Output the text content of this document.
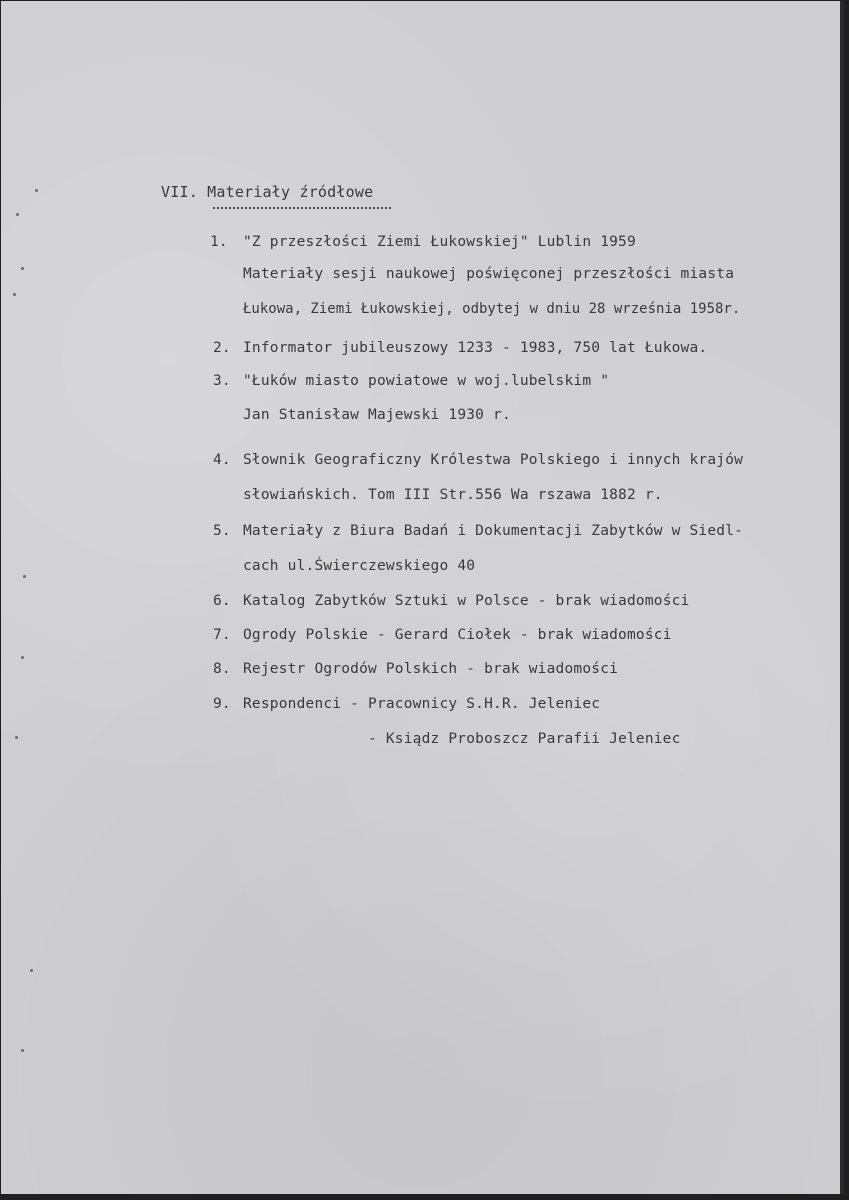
VII. Materiały źródłowe
1. "Z przeszłości Ziemi Łukowskiej" Lublin 1959
Materiały sesji naukowej poświęconej przeszłości miasta
Łukowa, Ziemi Łukowskiej, odbytej w dniu 28 września 1958r.
2. Informator jubileuszowy 1233 - 1983, 750 lat Łukowa.
3. "Łuków miasto powiatowe w woj.lubelskim "
Jan Stanisław Majewski 1930 r.
4. Słownik Geograficzny Królestwa Polskiego i innych krajów
słowiańskich. Tom III Str.556 Wa rszawa 1882 r.
5. Materiały z Biura Badań i Dokumentacji Zabytków w Siedl-
cach ul.Świerczewskiego 40
6. Katalog Zabytków Sztuki w Polsce - brak wiadomości
7. Ogrody Polskie - Gerard Ciołek - brak wiadomości
8. Rejestr Ogrodów Polskich - brak wiadomości
9. Respondenci - Pracownicy S.H.R. Jeleniec
- Ksiądz Proboszcz Parafii Jeleniec
